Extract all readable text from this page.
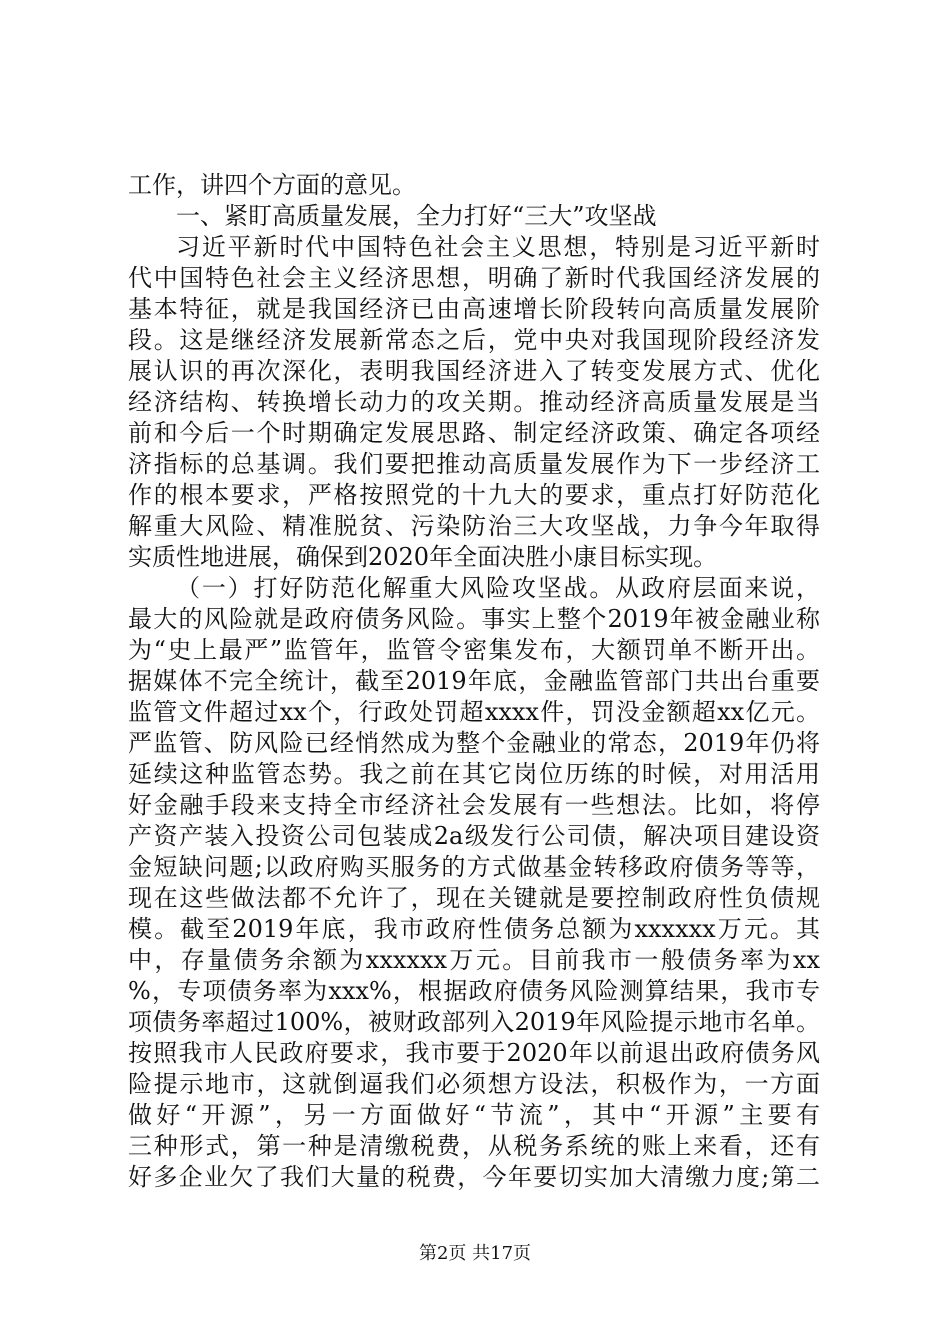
工作，讲四个方面的意见。
一、紧盯高质量发展，全力打好“三大”攻坚战
习近平新时代中国特色社会主义思想，特别是习近平新时
代中国特色社会主义经济思想，明确了新时代我国经济发展的
基本特征，就是我国经济已由高速增长阶段转向高质量发展阶
段。这是继经济发展新常态之后，党中央对我国现阶段经济发
展认识的再次深化，表明我国经济进入了转变发展方式、优化
经济结构、转换增长动力的攻关期。推动经济高质量发展是当
前和今后一个时期确定发展思路、制定经济政策、确定各项经
济指标的总基调。我们要把推动高质量发展作为下一步经济工
作的根本要求，严格按照党的十九大的要求，重点打好防范化
解重大风险、精准脱贫、污染防治三大攻坚战，力争今年取得
实质性地进展，确保到2020年全面决胜小康目标实现。
（一）打好防范化解重大风险攻坚战。从政府层面来说，
最大的风险就是政府债务风险。事实上整个2019年被金融业称
为“史上最严”监管年，监管令密集发布，大额罚单不断开出。
据媒体不完全统计，截至2019年底，金融监管部门共出台重要
监管文件超过xx个，行政处罚超xxxx件，罚没金额超xx亿元。
严监管、防风险已经悄然成为整个金融业的常态，2019年仍将
延续这种监管态势。我之前在其它岗位历练的时候，对用活用
好金融手段来支持全市经济社会发展有一些想法。比如，将停
产资产装入投资公司包装成2a级发行公司债，解决项目建设资
金短缺问题;以政府购买服务的方式做基金转移政府债务等等，
现在这些做法都不允许了，现在关键就是要控制政府性负债规
模。截至2019年底，我市政府性债务总额为xxxxxx万元。其
中，存量债务余额为xxxxxx万元。目前我市一般债务率为xx
%，专项债务率为xxx%，根据政府债务风险测算结果，我市专
项债务率超过100%，被财政部列入2019年风险提示地市名单。
按照我市人民政府要求，我市要于2020年以前退出政府债务风
险提示地市，这就倒逼我们必须想方设法，积极作为，一方面
做好“开源”，另一方面做好“节流”，其中“开源”主要有
三种形式，第一种是清缴税费，从税务系统的账上来看，还有
好多企业欠了我们大量的税费，今年要切实加大清缴力度;第二
第2页 共17页
